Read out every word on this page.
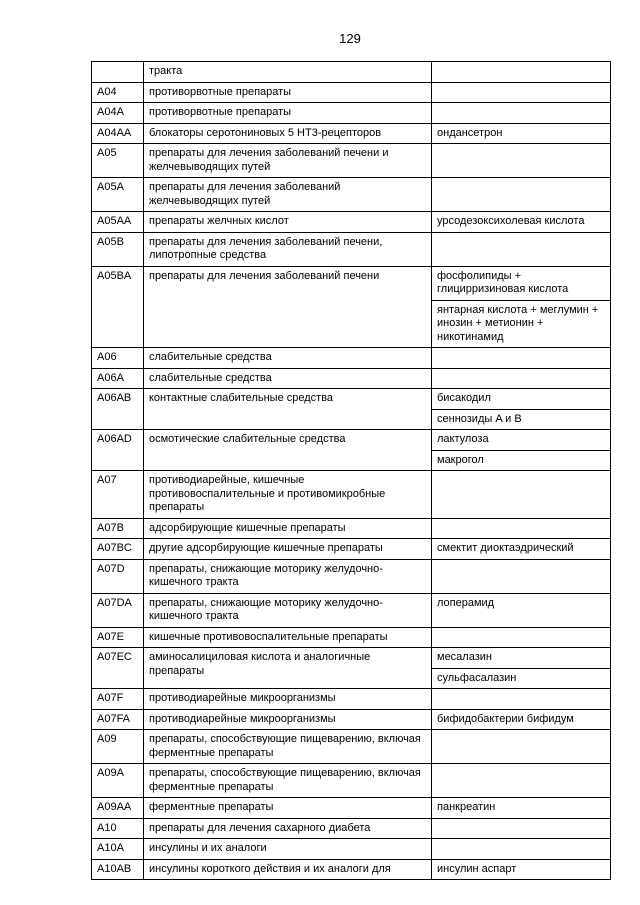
129
	тракта	
A04	противорвотные препараты	
A04A	противорвотные препараты	
A04AA	блокаторы серотониновых 5 HT3-рецепторов	ондансетрон
A05	препараты для лечения заболеваний печени и желчевыводящих путей	
A05A	препараты для лечения заболеваний желчевыводящих путей	
A05AA	препараты желчных кислот	урсодезоксихолевая кислота
A05B	препараты для лечения заболеваний печени, липотропные средства	
A05BA	препараты для лечения заболеваний печени	фосфолипиды + глицирризиновая кислота
		янтарная кислота + меглумин + инозин + метионин + никотинамид
A06	слабительные средства	
A06A	слабительные средства	
A06AB	контактные слабительные средства	бисакодил
		сеннозиды A и B
A06AD	осмотические слабительные средства	лактулоза
		макрогол
A07	противодиарейные, кишечные противовоспалительные и противомикробные препараты	
A07B	адсорбирующие кишечные препараты	
A07BC	другие адсорбирующие кишечные препараты	смектит диоктаэдрический
A07D	препараты, снижающие моторику желудочно-кишечного тракта	
A07DA	препараты, снижающие моторику желудочно-кишечного тракта	лоперамид
A07E	кишечные противовоспалительные препараты	
A07EC	аминосалициловая кислота и аналогичные препараты	месалазин
		сульфасалазин
A07F	противодиарейные микроорганизмы	
A07FA	противодиарейные микроорганизмы	бифидобактерии бифидум
A09	препараты, способствующие пищеварению, включая ферментные препараты	
A09A	препараты, способствующие пищеварению, включая ферментные препараты	
A09AA	ферментные препараты	панкреатин
A10	препараты для лечения сахарного диабета	
A10A	инсулины и их аналоги	
A10AB	инсулины короткого действия и их аналоги для	инсулин аспарт
